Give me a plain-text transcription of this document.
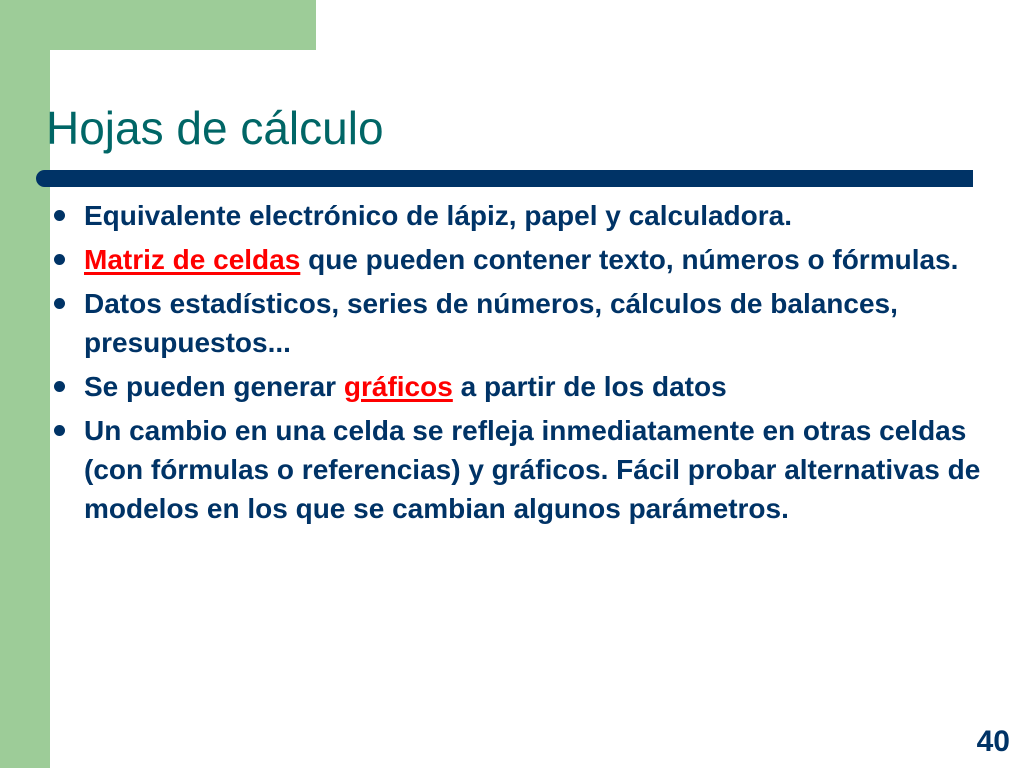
Hojas de cálculo
Equivalente electrónico de lápiz, papel y calculadora.
Matriz de celdas que pueden contener texto, números o fórmulas.
Datos estadísticos, series de números, cálculos de balances, presupuestos...
Se pueden generar gráficos a partir de los datos
Un cambio en una celda se refleja inmediatamente en otras celdas (con fórmulas o referencias) y gráficos. Fácil probar alternativas de modelos en los que se cambian algunos parámetros.
40
